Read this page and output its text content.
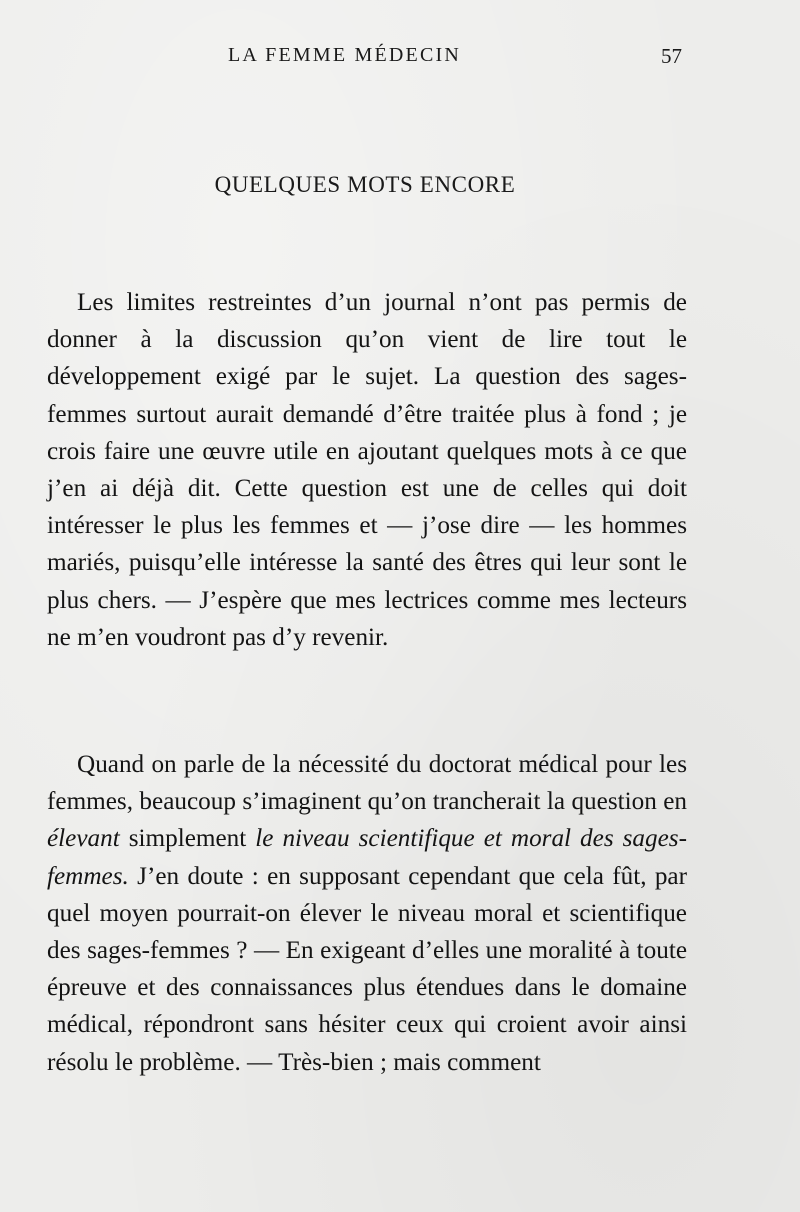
LA FEMME MÉDECIN	57
QUELQUES MOTS ENCORE

Les limites restreintes d’un journal n’ont pas permis de donner à la discussion qu’on vient de lire tout le développement exigé par le sujet. La question des sages-femmes surtout aurait demandé d’être traitée plus à fond ; je crois faire une œuvre utile en ajoutant quelques mots à ce que j’en ai déjà dit. Cette question est une de celles qui doit intéresser le plus les femmes et — j’ose dire — les hommes mariés, puisqu’elle intéresse la santé des êtres qui leur sont le plus chers. — J’espère que mes lectrices comme mes lecteurs ne m’en voudront pas d’y revenir.

Quand on parle de la nécessité du doctorat médical pour les femmes, beaucoup s’imaginent qu’on trancherait la question en élevant simplement le niveau scientifique et moral des sages-femmes. J’en doute : en supposant cependant que cela fût, par quel moyen pourrait-on élever le niveau moral et scientifique des sages-femmes ? — En exigeant d’elles une moralité à toute épreuve et des connaissances plus étendues dans le domaine médical, répondront sans hésiter ceux qui croient avoir ainsi résolu le problème. — Très-bien ; mais comment
